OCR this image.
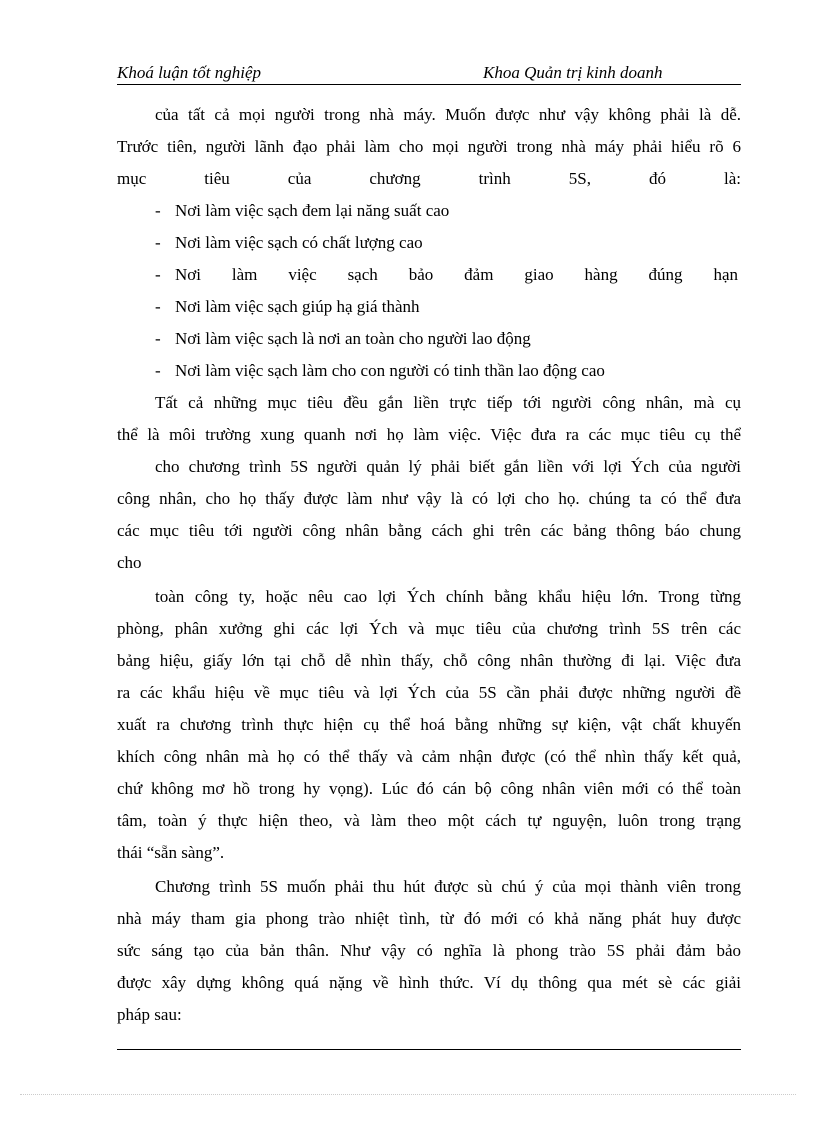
Khoá luận tốt nghiệp	Khoa Quản trị kinh doanh
của tất cả mọi người trong nhà máy. Muốn được như vậy không phải là dễ.
Trước tiên, người lãnh đạo phải làm cho mọi người trong nhà máy phải hiểu rõ 6
mục tiêu của chương trình 5S, đó là:
- Nơi làm việc sạch đem lại năng suất cao
- Nơi làm việc sạch có chất lượng cao
- Nơi làm việc sạch bảo đảm giao hàng đúng hạn
- Nơi làm việc sạch giúp hạ giá thành
- Nơi làm việc sạch là nơi an toàn cho người lao động
- Nơi làm việc sạch làm cho con người có tinh thần lao động cao
Tất cả những mục tiêu đều gắn liền trực tiếp tới người công nhân, mà cụ
thể là môi trường xung quanh nơi họ làm việc. Việc đưa ra các mục tiêu cụ thể
cho chương trình 5S người quản lý phải biết gắn liền với lợi Ých của người
công nhân, cho họ thấy được làm như vậy là có lợi cho họ. chúng ta có thể đưa
các mục tiêu tới người công nhân bằng cách ghi trên các bảng thông báo chung
cho
toàn công ty, hoặc nêu cao lợi Ých chính bằng khẩu hiệu lớn. Trong từng
phòng, phân xưởng ghi các lợi Ých và mục tiêu của chương trình 5S trên các
bảng hiệu, giấy lớn tại chỗ dễ nhìn thấy, chỗ công nhân thường đi lại. Việc đưa
ra các khẩu hiệu về mục tiêu và lợi Ých của 5S cần phải được những người đề
xuất ra chương trình thực hiện cụ thể hoá bằng những sự kiện, vật chất khuyến
khích công nhân mà họ có thể thấy và cảm nhận được (có thể nhìn thấy kết quả,
chứ không mơ hồ trong hy vọng). Lúc đó cán bộ công nhân viên mới có thể toàn
tâm, toàn ý thực hiện theo, và làm theo một cách tự nguyện, luôn trong trạng
thái “sẵn sàng”.
Chương trình 5S muốn phải thu hút được sù chú ý của mọi thành viên trong
nhà máy tham gia phong trào nhiệt tình, từ đó mới có khả năng phát huy được
sức sáng tạo của bản thân. Như vậy có nghĩa là phong trào 5S phải đảm bảo
được xây dựng không quá nặng về hình thức. Ví dụ thông qua mét sè các giải
pháp sau:
